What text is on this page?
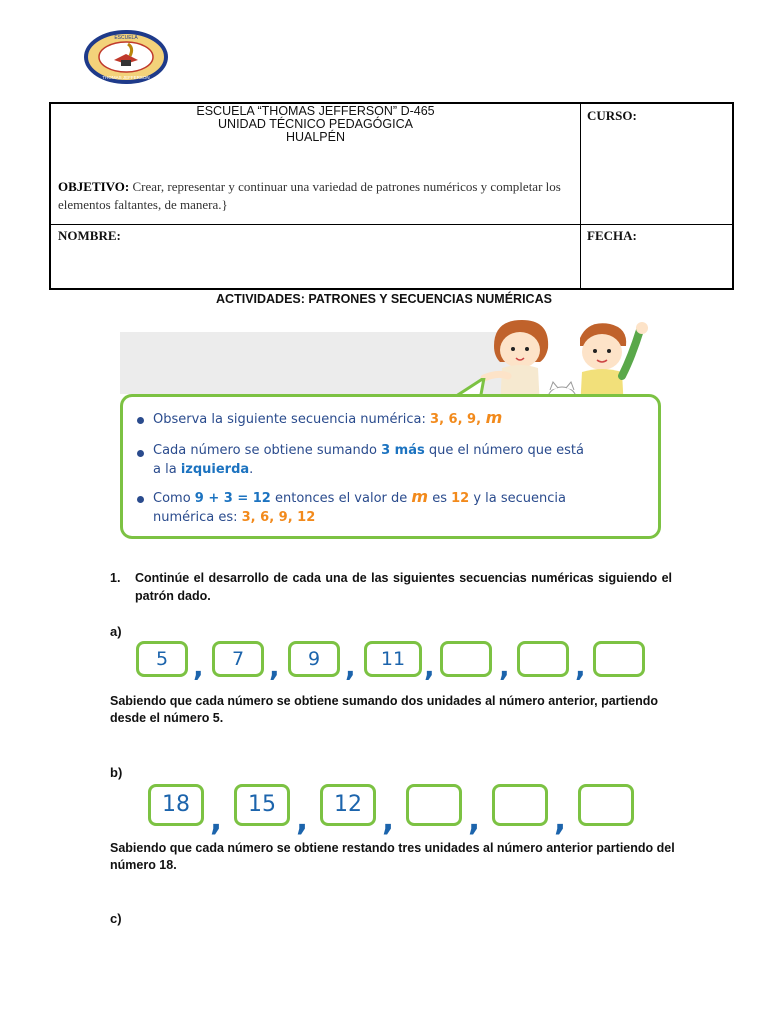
ESCUELA
THOMAS JEFFERSON
ESCUELA “THOMAS JEFFERSON” D-465
UNIDAD TÉCNICO PEDAGÓGICA
HUALPÉN
OBJETIVO: Crear, representar y continuar una variedad de patrones numéricos y completar los elementos faltantes, de manera.}
CURSO:
NOMBRE:	FECHA:
ACTIVIDADES: PATRONES Y SECUENCIAS NUMÉRICAS
Observa la siguiente secuencia numérica: 3, 6, 9, m
Cada número se obtiene sumando 3 más que el número que está
a la izquierda.
Como 9 + 3 = 12 entonces el valor de m es 12 y la secuencia
numérica es: 3, 6, 9, 12
1. Continúe el desarrollo de cada una de las siguientes secuencias numéricas siguiendo el patrón dado.
a)
5 ,	7 ,	9 ,	11 , , ,
Sabiendo que cada número se obtiene sumando dos unidades al número anterior, partiendo desde el número 5.
b)
18 ,	15 ,	12 , , ,
Sabiendo que cada número se obtiene restando tres unidades al número anterior partiendo del número 18.
c)
